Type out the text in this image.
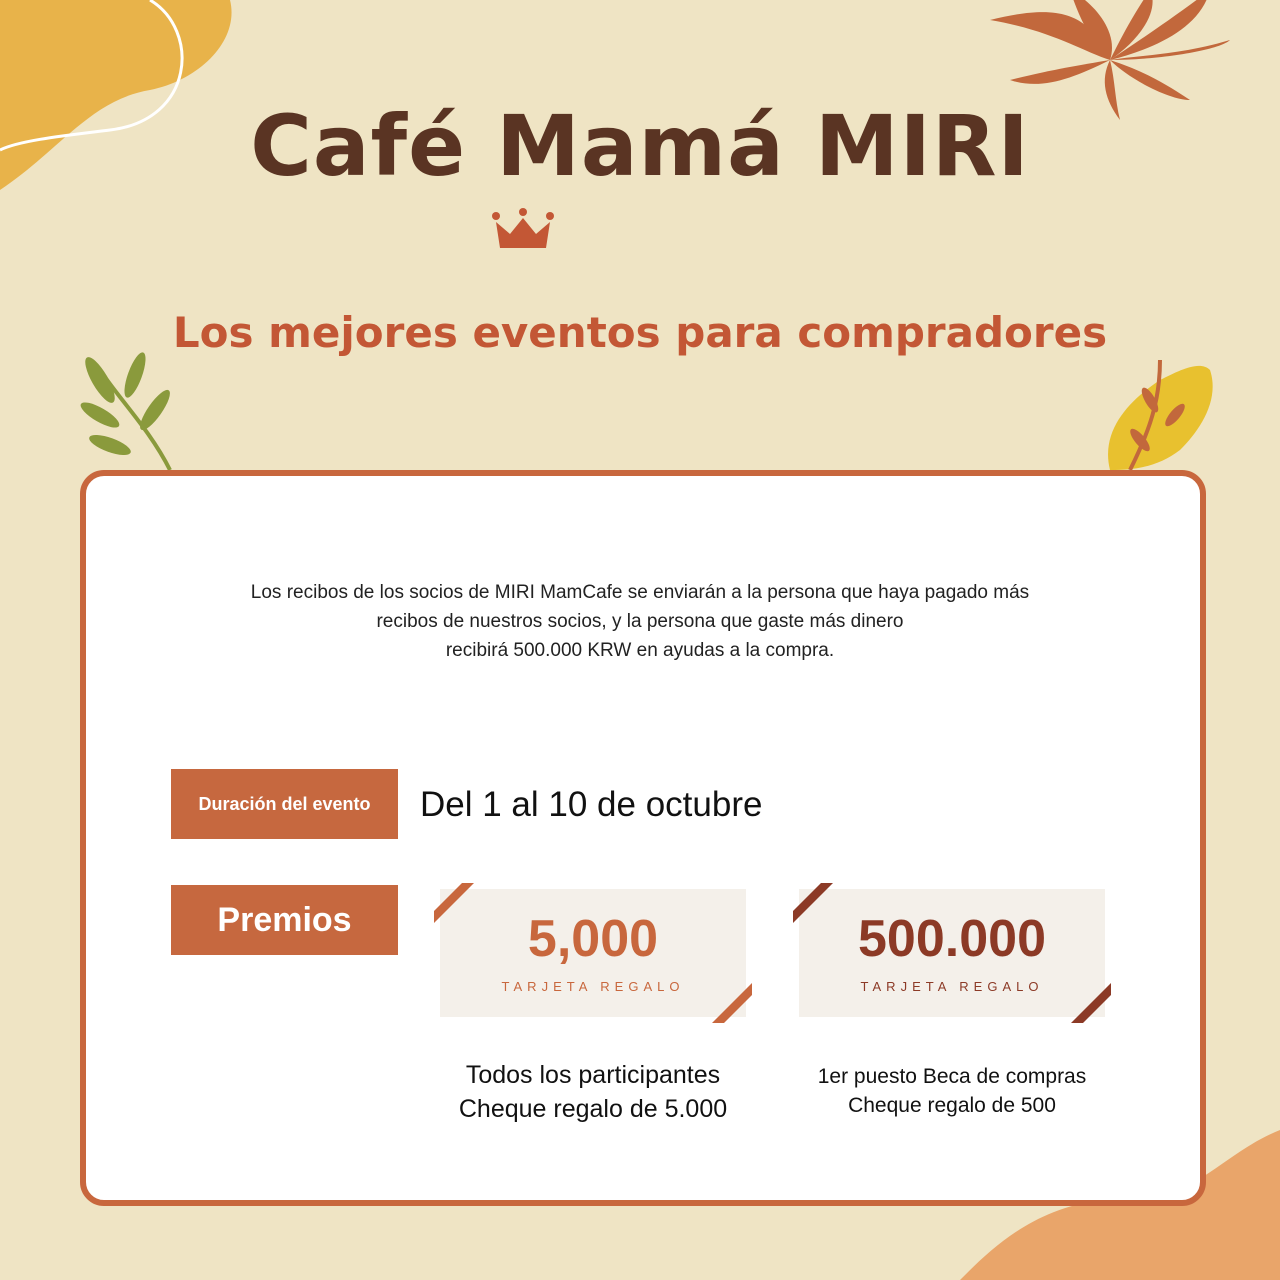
Café Mamá MIRI
Los mejores eventos para compradores
Los recibos de los socios de MIRI MamCafe se enviarán a la persona que haya pagado más
recibos de nuestros socios, y la persona que gaste más dinero
recibirá 500.000 KRW en ayudas a la compra.
Duración del evento	Del 1 al 10 de octubre
Premios	5,000
TARJETA REGALO
500.000
TARJETA REGALO
Todos los participantes
Cheque regalo de 5.000
1er puesto Beca de compras
Cheque regalo de 500
